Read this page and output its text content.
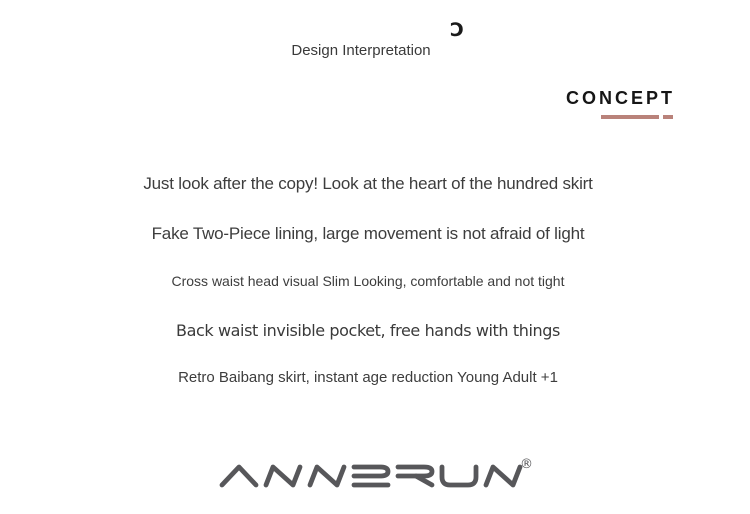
Ɔ
Design Interpretation
CONCEPT
Just look after the copy! Look at the heart of the hundred skirt
Fake Two-Piece lining, large movement is not afraid of light
Cross waist head visual Slim Looking, comfortable and not tight
Back waist invisible pocket, free hands with things
Retro Baibang skirt, instant age reduction Young Adult +1
®
